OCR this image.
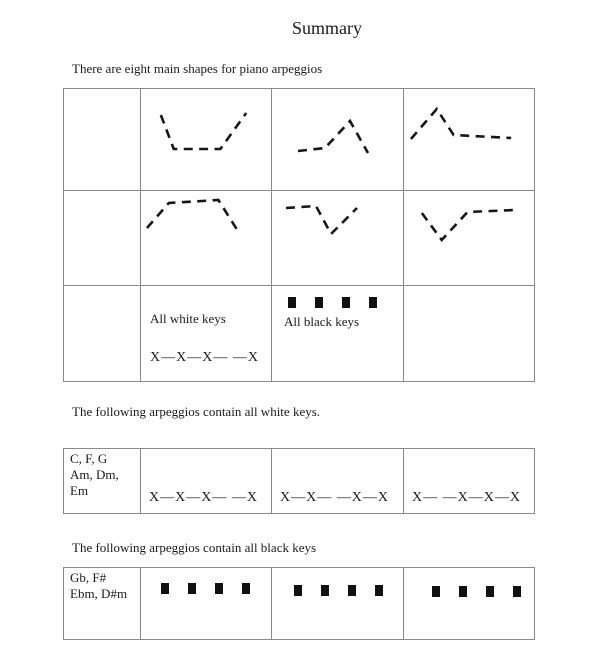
Summary
There are eight main shapes for piano arpeggios
All white keys
X—X—X— —X
All black keys
The following arpeggios contain all white keys.
C, F, G
Am, Dm, Em	X—X—X— —X X—X— —X—X X— —X—X—X
The following arpeggios contain all black keys
Gb, F#
Ebm, D#m
